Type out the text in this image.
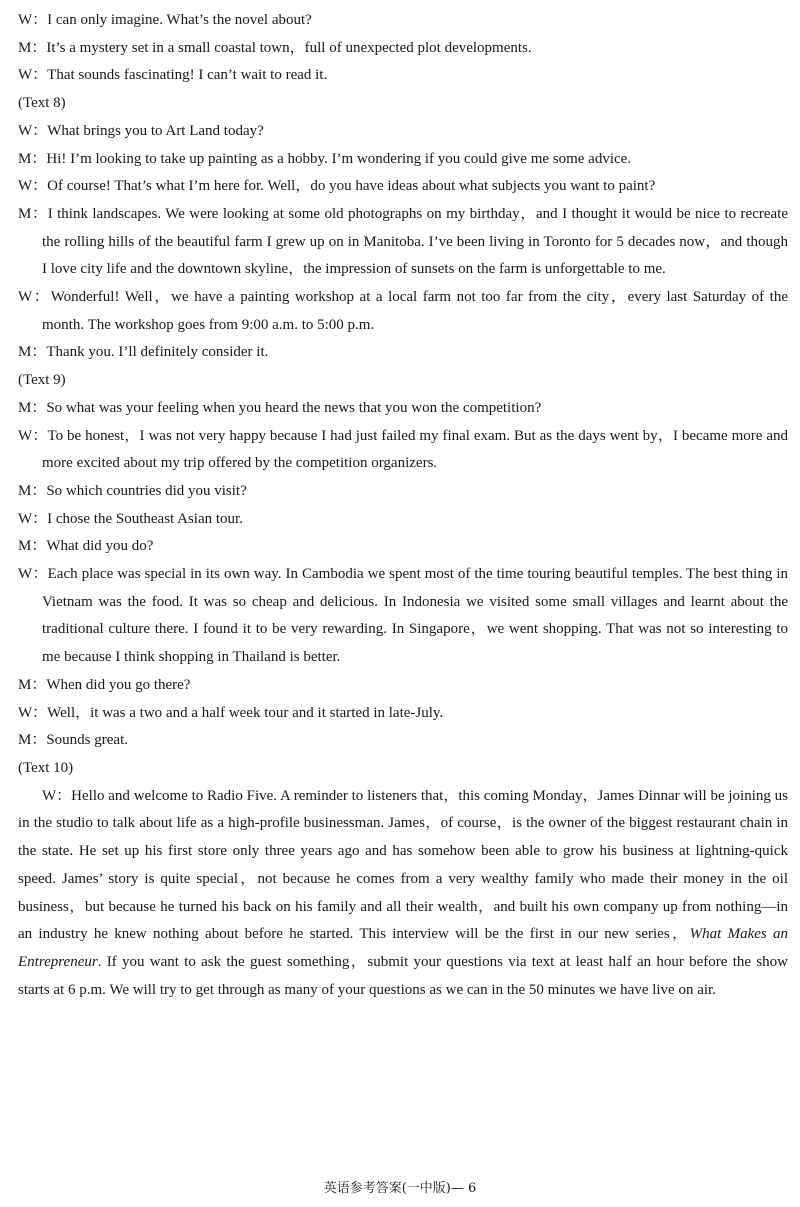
W：I can only imagine. What’s the novel about?
M：It’s a mystery set in a small coastal town，full of unexpected plot developments.
W：That sounds fascinating! I can’t wait to read it.
(Text 8)
W：What brings you to Art Land today?
M：Hi! I’m looking to take up painting as a hobby. I’m wondering if you could give me some advice.
W：Of course! That’s what I’m here for. Well，do you have ideas about what subjects you want to paint?
M：I think landscapes. We were looking at some old photographs on my birthday，and I thought it would be nice to recreate the rolling hills of the beautiful farm I grew up on in Manitoba. I’ve been living in Toronto for 5 decades now，and though I love city life and the downtown skyline，the impression of sunsets on the farm is unforgettable to me.
W：Wonderful! Well，we have a painting workshop at a local farm not too far from the city，every last Saturday of the month. The workshop goes from 9:00 a.m. to 5:00 p.m.
M：Thank you. I’ll definitely consider it.
(Text 9)
M：So what was your feeling when you heard the news that you won the competition?
W：To be honest，I was not very happy because I had just failed my final exam. But as the days went by，I became more and more excited about my trip offered by the competition organizers.
M：So which countries did you visit?
W：I chose the Southeast Asian tour.
M：What did you do?
W：Each place was special in its own way. In Cambodia we spent most of the time touring beautiful temples. The best thing in Vietnam was the food. It was so cheap and delicious. In Indonesia we visited some small villages and learnt about the traditional culture there. I found it to be very rewarding. In Singapore，we went shopping. That was not so interesting to me because I think shopping in Thailand is better.
M：When did you go there?
W：Well，it was a two and a half week tour and it started in late-July.
M：Sounds great.
(Text 10)

W：Hello and welcome to Radio Five. A reminder to listeners that，this coming Monday，James Dinnar will be joining us in the studio to talk about life as a high-profile businessman. James，of course，is the owner of the biggest restaurant chain in the state. He set up his first store only three years ago and has somehow been able to grow his business at lightning-quick speed. James’ story is quite special，not because he comes from a very wealthy family who made their money in the oil business，but because he turned his back on his family and all their wealth，and built his own company up from nothing—in an industry he knew nothing about before he started. This interview will be the first in our new series，What Makes an Entrepreneur. If you want to ask the guest something，submit your questions via text at least half an hour before the show starts at 6 p.m. We will try to get through as many of your questions as we can in the 50 minutes we have live on air.

英语参考答案(一中版)— 6
